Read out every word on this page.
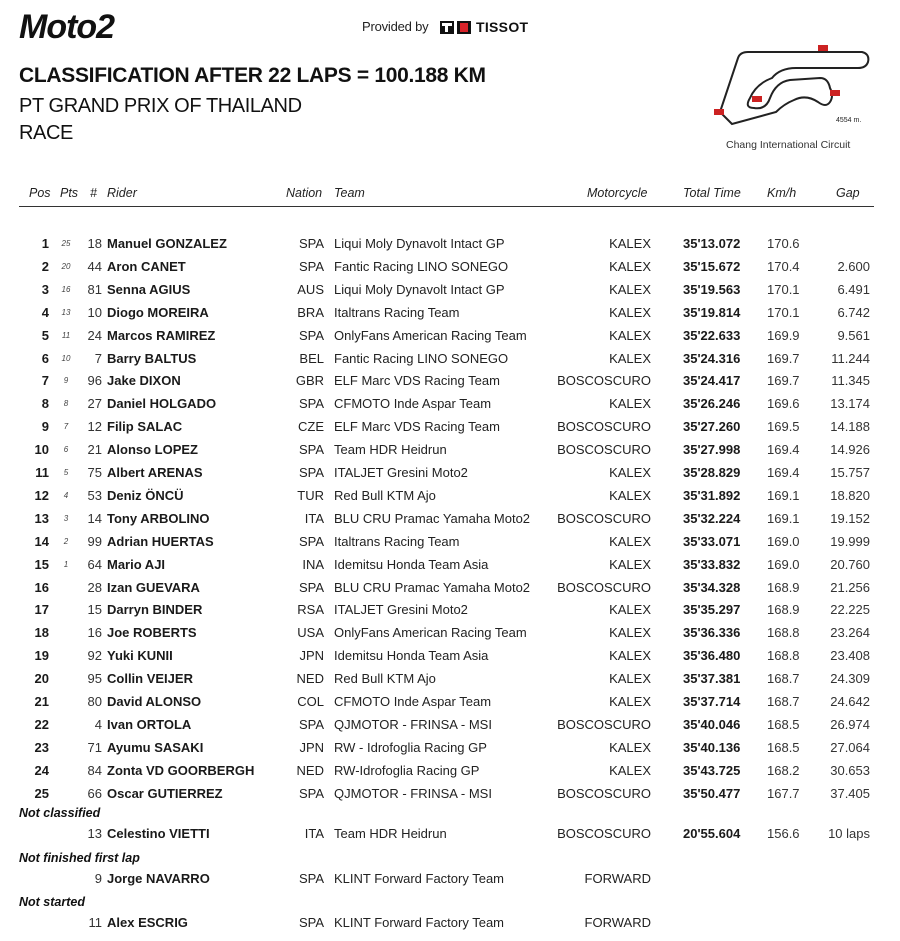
Moto2	Provided by	TISSOT
CLASSIFICATION AFTER 22 LAPS = 100.188 KM
PT GRAND PRIX OF THAILAND
RACE
4554 m.
Chang International Circuit
Pos Pts # Rider	Nation Team	Motorcycle	Total Time Km/h	Gap
1	25 18 Manuel GONZALEZ	SPA Liqui Moly Dynavolt Intact GP	KALEX 35'13.072 170.6
2	20 44 Aron CANET	SPA Fantic Racing LINO SONEGO	KALEX 35'15.672 170.4	2.600
3	16 81 Senna AGIUS	AUS Liqui Moly Dynavolt Intact GP	KALEX 35'19.563 170.1	6.491
4	13 10 Diogo MOREIRA	BRA Italtrans Racing Team	KALEX 35'19.814 170.1	6.742
5	11 24 Marcos RAMIREZ	SPA OnlyFans American Racing Team	KALEX 35'22.633 169.9	9.561
6	10 7 Barry BALTUS	BEL Fantic Racing LINO SONEGO	KALEX 35'24.316 169.7 11.244
7	9	96 Jake DIXON	GBR ELF Marc VDS Racing Team	BOSCOSCURO 35'24.417 169.7 11.345
8	8	27 Daniel HOLGADO	SPA CFMOTO Inde Aspar Team	KALEX 35'26.246 169.6 13.174
9	7	12 Filip SALAC	CZE ELF Marc VDS Racing Team	BOSCOSCURO 35'27.260 169.5 14.188
10	6	21 Alonso LOPEZ	SPA Team HDR Heidrun	BOSCOSCURO 35'27.998 169.4 14.926
11	5	75 Albert ARENAS	SPA ITALJET Gresini Moto2	KALEX 35'28.829 169.4 15.757
12	4	53 Deniz ÖNCÜ	TUR Red Bull KTM Ajo	KALEX 35'31.892 169.1 18.820
13	3	14 Tony ARBOLINO	ITA BLU CRU Pramac Yamaha Moto2 BOSCOSCURO 35'32.224 169.1 19.152
14	2	99 Adrian HUERTAS	SPA Italtrans Racing Team	KALEX 35'33.071 169.0 19.999
15	1	64 Mario AJI	INA Idemitsu Honda Team Asia	KALEX 35'33.832 169.0 20.760
16	28 Izan GUEVARA	SPA BLU CRU Pramac Yamaha Moto2 BOSCOSCURO 35'34.328 168.9 21.256
17	15 Darryn BINDER	RSA ITALJET Gresini Moto2	KALEX 35'35.297 168.9 22.225
18	16 Joe ROBERTS	USA OnlyFans American Racing Team	KALEX 35'36.336 168.8 23.264
19	92 Yuki KUNII	JPN Idemitsu Honda Team Asia	KALEX 35'36.480 168.8 23.408
20	95 Collin VEIJER	NED Red Bull KTM Ajo	KALEX 35'37.381 168.7 24.309
21	80 David ALONSO	COL CFMOTO Inde Aspar Team	KALEX 35'37.714 168.7 24.642
22	4 Ivan ORTOLA	SPA QJMOTOR - FRINSA - MSI	BOSCOSCURO 35'40.046 168.5 26.974
23	71 Ayumu SASAKI	JPN RW - Idrofoglia Racing GP	KALEX 35'40.136 168.5 27.064
24	84 Zonta VD GOORBERGH	NED RW-Idrofoglia Racing GP	KALEX 35'43.725 168.2 30.653
25	66 Oscar GUTIERREZ	SPA QJMOTOR - FRINSA - MSI	BOSCOSCURO 35'50.477 167.7 37.405
Not classified
13 Celestino VIETTI	ITA Team HDR Heidrun	BOSCOSCURO 20'55.604 156.6 10 laps
Not finished first lap
9 Jorge NAVARRO	SPA KLINT Forward Factory Team	FORWARD
Not started
11 Alex ESCRIG	SPA KLINT Forward Factory Team	FORWARD
